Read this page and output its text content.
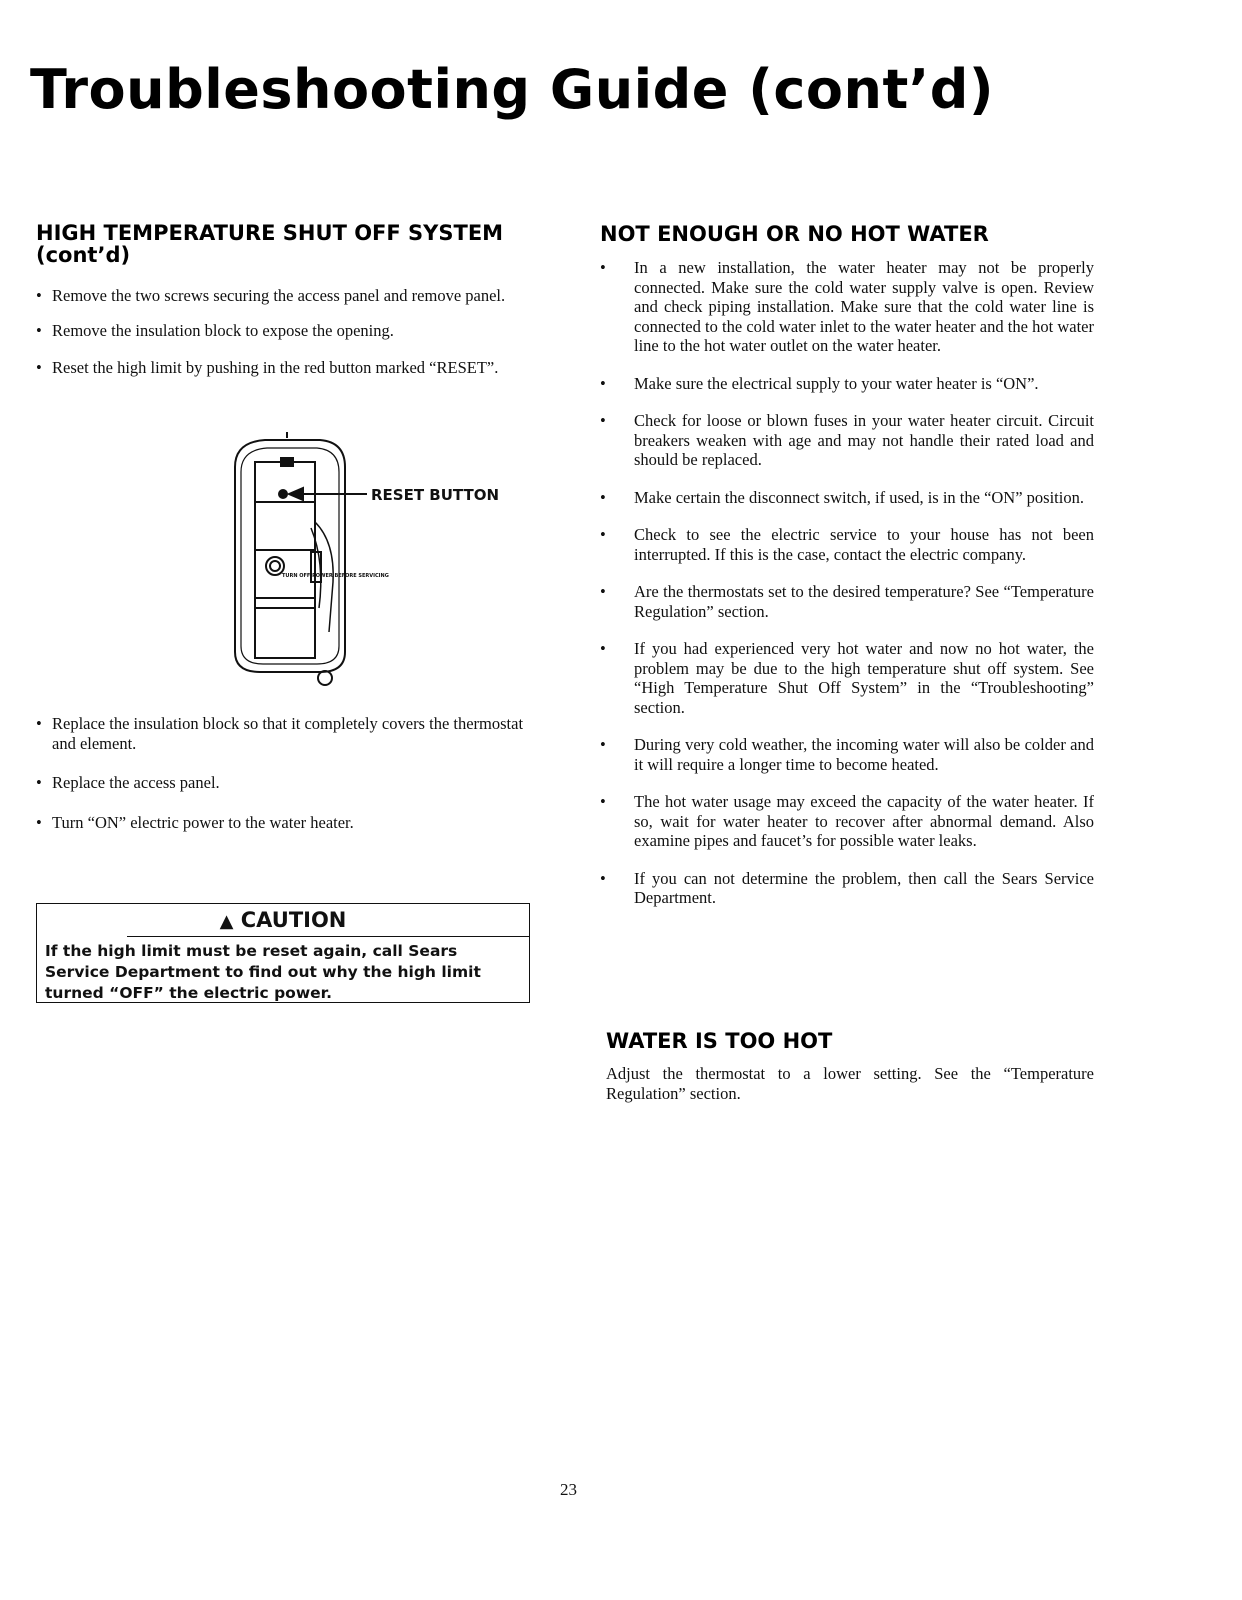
Troubleshooting Guide (cont’d)
HIGH TEMPERATURE SHUT OFF SYSTEM
(cont’d)
• Remove the two screws securing the access panel and remove panel.
• Remove the insulation block to expose the opening.
• Reset the high limit by pushing in the red button marked “RESET”.
TURN OFF POWER BEFORE SERVICING
RESET BUTTON
• Replace the insulation block so that it completely covers the thermostat and element.
• Replace the access panel.
• Turn “ON” electric power to the water heater.
▲ CAUTION
If the high limit must be reset again, call Sears Service Department to find out why the high limit turned “OFF” the electric power.
NOT ENOUGH OR NO HOT WATER
• In a new installation, the water heater may not be properly connected. Make sure the cold water supply valve is open. Review and check piping installation. Make sure that the cold water line is connected to the cold water inlet to the water heater and the hot water line to the hot water outlet on the water heater.
• Make sure the electrical supply to your water heater is “ON”.
• Check for loose or blown fuses in your water heater circuit. Circuit breakers weaken with age and may not handle their rated load and should be replaced.
• Make certain the disconnect switch, if used, is in the “ON” position.
• Check to see the electric service to your house has not been interrupted. If this is the case, contact the electric company.
• Are the thermostats set to the desired temperature? See “Temperature Regulation” section.
• If you had experienced very hot water and now no hot water, the problem may be due to the high temperature shut off system. See “High Temperature Shut Off System” in the “Troubleshooting” section.
• During very cold weather, the incoming water will also be colder and it will require a longer time to become heated.
• The hot water usage may exceed the capacity of the water heater. If so, wait for water heater to recover after abnormal demand. Also examine pipes and faucet’s for possible water leaks.
• If you can not determine the problem, then call the Sears Service Department.
WATER IS TOO HOT

Adjust the thermostat to a lower setting. See the “Temperature Regulation” section.

23
